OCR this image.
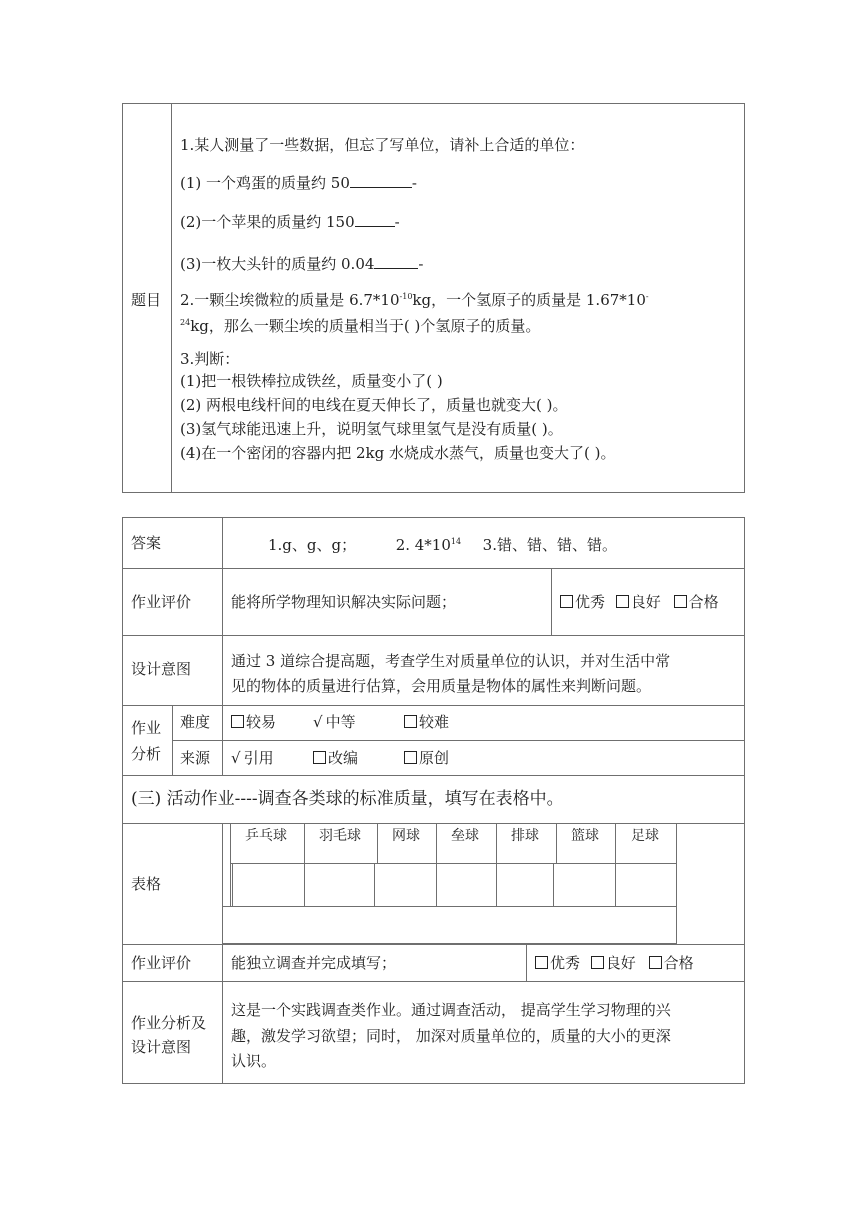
题目
1.某人测量了一些数据，但忘了写单位，请补上合适的单位：
(1) 一个鸡蛋的质量约 50	-
(2)一个苹果的质量约 150	-
(3)一枚大头针的质量约 0.04	-
2.一颗尘埃微粒的质量是 $6.7*10^{-10}kg$，一个氢原子的质量是 1.67*10-
$^{24}$kg，那么一颗尘埃的质量相当于( )个氢原子的质量。
3.判断：
(1)把一根铁棒拉成铁丝，质量变小了( )
(2) 两根电线杆间的电线在夏天伸长了，质量也就变大( )。
(3)氢气球能迅速上升，说明氢气球里氢气是没有质量( )。
(4)在一个密闭的容器内把 2kg 水烧成水蒸气，质量也变大了( )。
答案	1.g、g、g；	2. $4*10^{14}$ 3.错、错、错、错。
作业评价	能将所学物理知识解决实际问题；	优秀 良好 合格
设计意图	通过 3 道综合提高题，考查学生对质量单位的认识，并对生活中常
见的物体的质量进行估算，会用质量是物体的属性来判断问题。
作业
分析
难度	较易 √ 中等	较难
来源 √ 引用	改编	原创
(三) 活动作业----调查各类球的标准质量，填写在表格中。
表格
乒乓球 羽毛球 网球 垒球 排球 篮球 足球
作业评价	能独立调查并完成填写；	优秀 良好 合格
作业分析及
设计意图
这是一个实践调查类作业。通过调查活动， 提高学生学习物理的兴
趣，激发学习欲望；同时， 加深对质量单位的，质量的大小的更深
认识。
